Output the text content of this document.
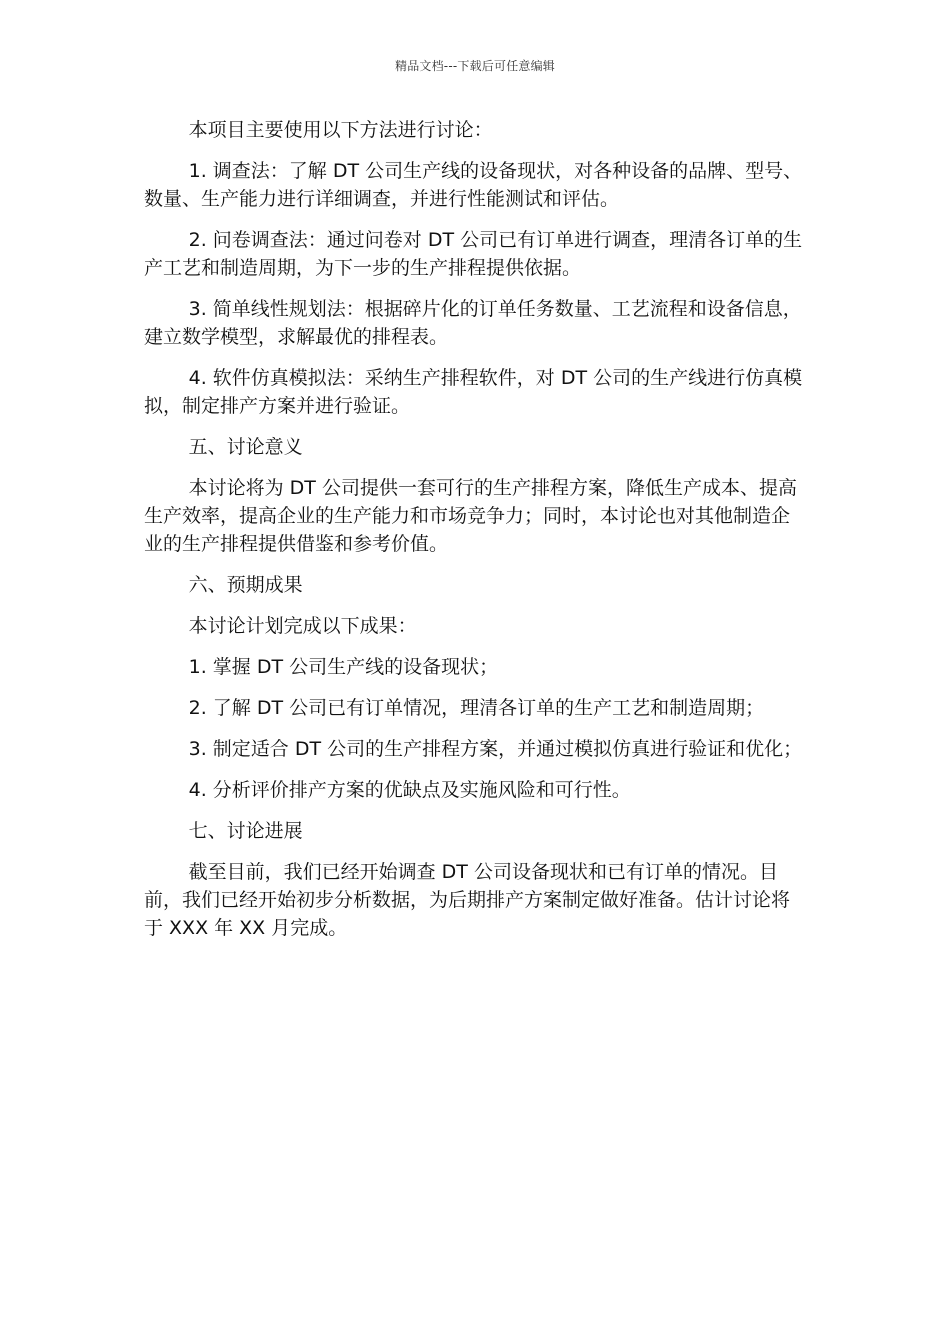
精品文档---下载后可任意编辑

本项目主要使用以下方法进行讨论：

1. 调查法：了解 DT 公司生产线的设备现状，对各种设备的品牌、型号、数量、生产能力进行详细调查，并进行性能测试和评估。

2. 问卷调查法：通过问卷对 DT 公司已有订单进行调查，理清各订单的生产工艺和制造周期，为下一步的生产排程提供依据。

3. 简单线性规划法：根据碎片化的订单任务数量、工艺流程和设备信息，建立数学模型，求解最优的排程表。

4. 软件仿真模拟法：采纳生产排程软件，对 DT 公司的生产线进行仿真模拟，制定排产方案并进行验证。

五、讨论意义

本讨论将为 DT 公司提供一套可行的生产排程方案，降低生产成本、提高生产效率，提高企业的生产能力和市场竞争力；同时，本讨论也对其他制造企业的生产排程提供借鉴和参考价值。

六、预期成果

本讨论计划完成以下成果：

1. 掌握 DT 公司生产线的设备现状；

2. 了解 DT 公司已有订单情况，理清各订单的生产工艺和制造周期；

3. 制定适合 DT 公司的生产排程方案，并通过模拟仿真进行验证和优化；

4. 分析评价排产方案的优缺点及实施风险和可行性。

七、讨论进展

截至目前，我们已经开始调查 DT 公司设备现状和已有订单的情况。目前，我们已经开始初步分析数据，为后期排产方案制定做好准备。估计讨论将于 XXX 年 XX 月完成。
